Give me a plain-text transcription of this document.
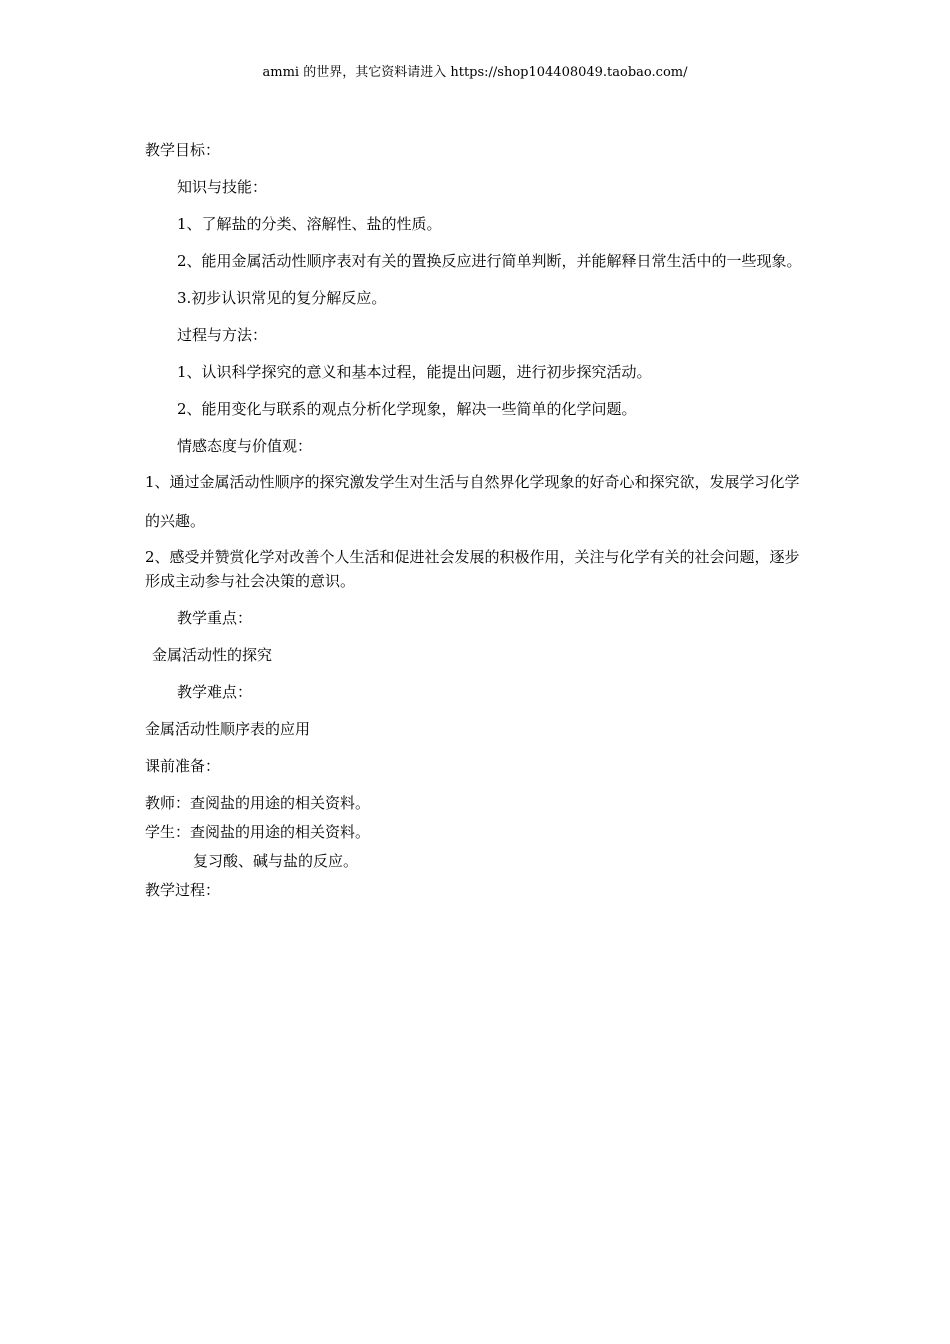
ammi 的世界，其它资料请进入 https://shop104408049.taobao.com/

教学目标：

知识与技能：

1、了解盐的分类、溶解性、盐的性质。

2、能用金属活动性顺序表对有关的置换反应进行简单判断，并能解释日常生活中的一些现象。

3.初步认识常见的复分解反应。

过程与方法：

1、认识科学探究的意义和基本过程，能提出问题，进行初步探究活动。

2、能用变化与联系的观点分析化学现象，解决一些简单的化学问题。

情感态度与价值观：

1、通过金属活动性顺序的探究激发学生对生活与自然界化学现象的好奇心和探究欲，发展学习化学的兴趣。

2、感受并赞赏化学对改善个人生活和促进社会发展的积极作用，关注与化学有关的社会问题，逐步形成主动参与社会决策的意识。

教学重点：

金属活动性的探究

教学难点：

金属活动性顺序表的应用

课前准备：

教师：查阅盐的用途的相关资料。

学生：查阅盐的用途的相关资料。

复习酸、碱与盐的反应。

教学过程：
